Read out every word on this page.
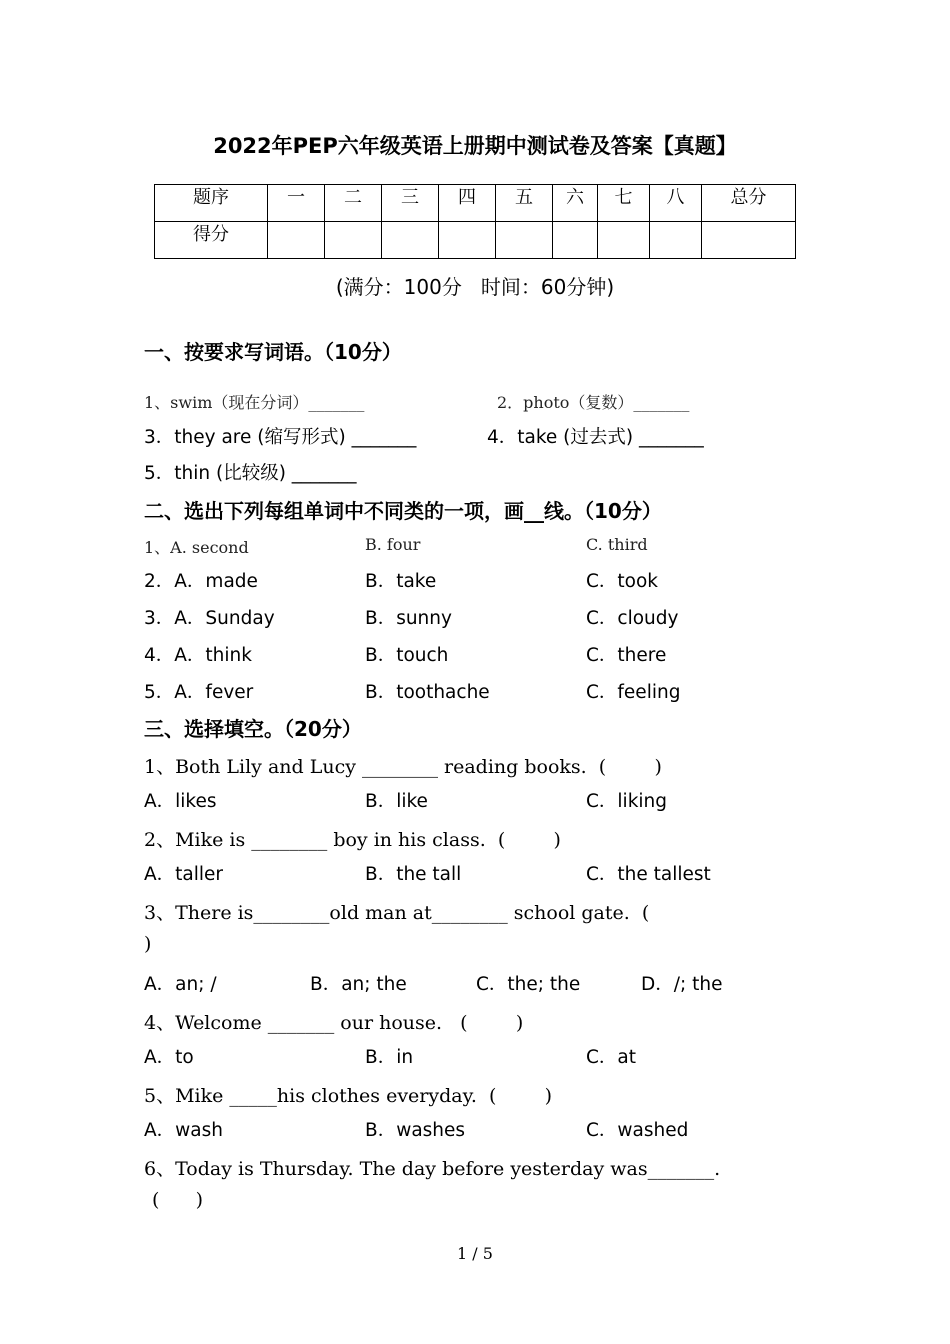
2022年PEP六年级英语上册期中测试卷及答案【真题】
题序	一	二	三	四	五	六	七	八	总分
得分									
(满分：100分   时间：60分钟)
一、按要求写词语。（10分）
1、swim（现在分词）_______	2．photo（复数）_______
3．they are (缩写形式) _______	4．take (过去式) _______
5．thin (比较级) _______
二、选出下列每组单词中不同类的一项，画__线。（10分）
1、A. second	B. four	C. third
2．A．made	B．take	C．took
3．A．Sunday	B．sunny	C．cloudy
4．A．think	B．touch	C．there
5．A．fever	B．toothache	C．feeling
三、选择填空。（20分）
1、Both Lily and Lucy ________ reading books.  (        )
A．likes	B．like	C．liking
2、Mike is ________ boy in his class.  (        )
A．taller	B．the tall	C．the tallest
3、There is________old man at________ school gate.  (
)
A．an; /	B．an; the	C．the; the	D．/; the
4、Welcome _______ our house.   (        )
A．to	B．in	C．at
5、Mike _____his clothes everyday.  (        )
A．wash	B．washes	C．washed
6、Today is Thursday. The day before yesterday was_______.
(      )
1 / 5
